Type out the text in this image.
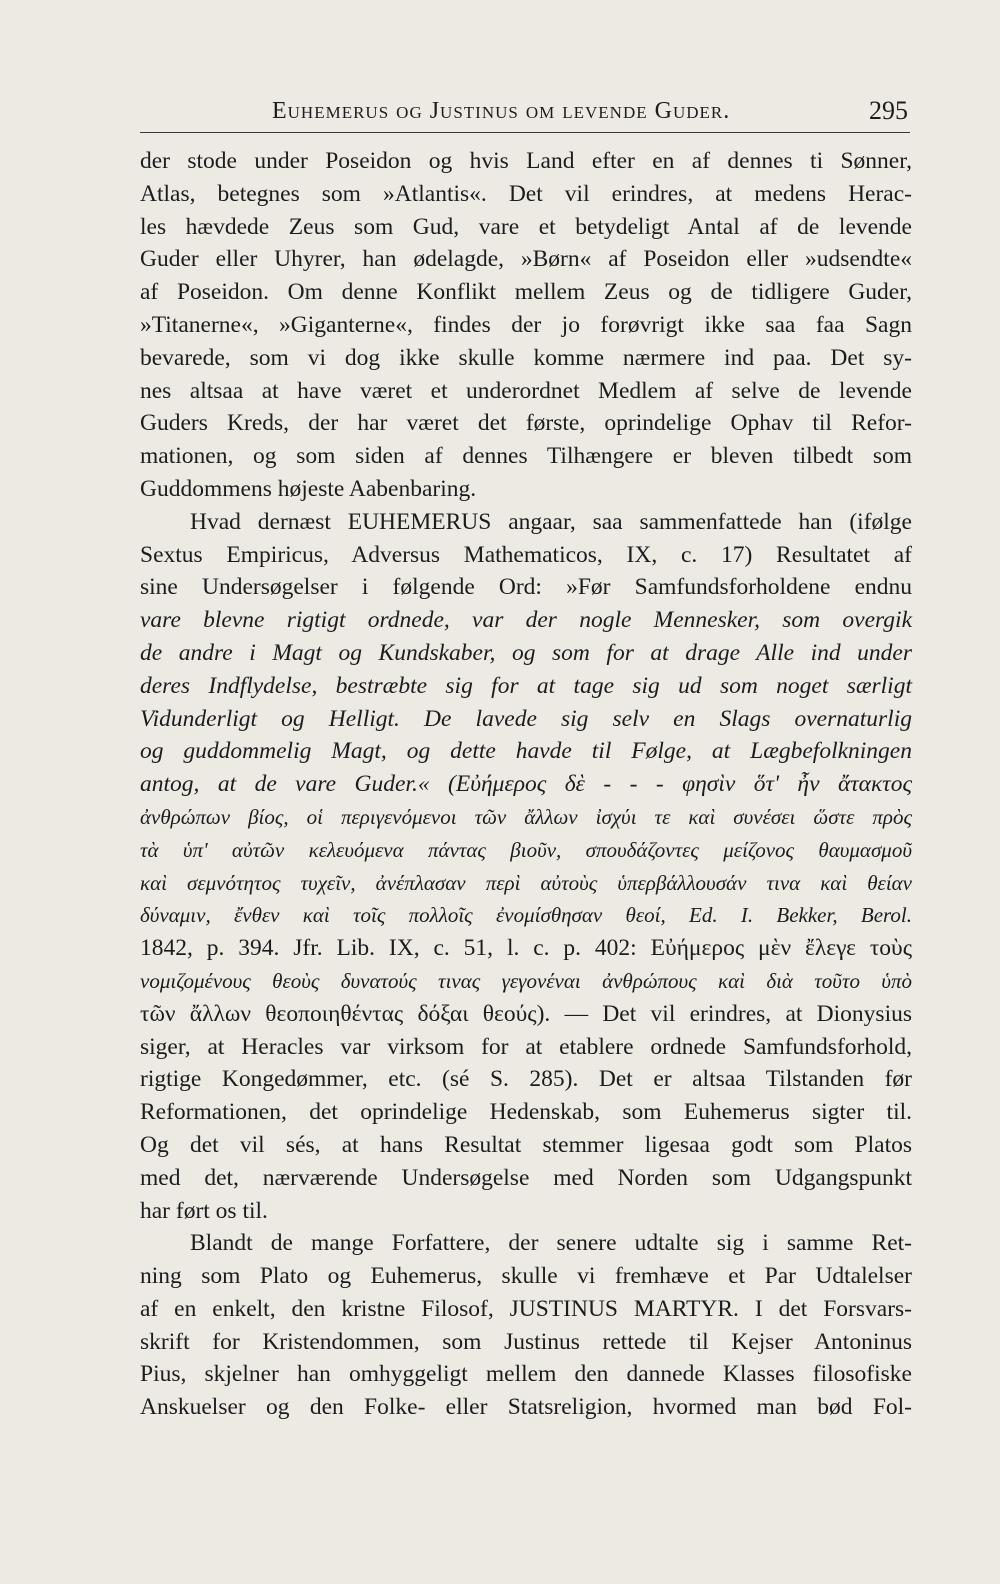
Euhemerus og Justinus om levende Guder.	295
der stode under Poseidon og hvis Land efter en af dennes ti Sønner,
Atlas, betegnes som »Atlantis«. Det vil erindres, at medens Herac-
les hævdede Zeus som Gud, vare et betydeligt Antal af de levende
Guder eller Uhyrer, han ødelagde, »Børn« af Poseidon eller »udsendte«
af Poseidon. Om denne Konflikt mellem Zeus og de tidligere Guder,
»Titanerne«, »Giganterne«, findes der jo forøvrigt ikke saa faa Sagn
bevarede, som vi dog ikke skulle komme nærmere ind paa. Det sy-
nes altsaa at have været et underordnet Medlem af selve de levende
Guders Kreds, der har været det første, oprindelige Ophav til Refor-
mationen, og som siden af dennes Tilhængere er bleven tilbedt som
Guddommens højeste Aabenbaring.
Hvad dernæst EUHEMERUS angaar, saa sammenfattede han (ifølge
Sextus Empiricus, Adversus Mathematicos, IX, c. 17) Resultatet af
sine Undersøgelser i følgende Ord: »Før Samfundsforholdene endnu
vare blevne rigtigt ordnede, var der nogle Mennesker, som overgik
de andre i Magt og Kundskaber, og som for at drage Alle ind under
deres Indflydelse, bestræbte sig for at tage sig ud som noget særligt
Vidunderligt og Helligt. De lavede sig selv en Slags overnaturlig
og guddommelig Magt, og dette havde til Følge, at Lægbefolkningen
antog, at de vare Guder.« (Εὐήμερος δὲ - - - φησὶν ὅτ' ἦν ἄτακτος
ἀνθρώπων βίος, οἱ περιγενόμενοι τῶν ἄλλων ἰσχύι τε καὶ συνέσει ὥστε πρὸς
τὰ ὑπ' αὐτῶν κελευόμενα πάντας βιοῦν, σπουδάζοντες μείζονος θαυμασμοῦ
καὶ σεμνότητος τυχεῖν, ἀνέπλασαν περὶ αὐτοὺς ὑπερβάλλουσάν τινα καὶ θείαν
δύναμιν, ἔνθεν καὶ τοῖς πολλοῖς ἐνομίσθησαν θεοί, Ed. I. Bekker, Berol.
1842, p. 394. Jfr. Lib. IX, c. 51, l. c. p. 402: Εὐήμερος μὲν ἔλεγε τοὺς
νομιζομένους θεοὺς δυνατούς τινας γεγονέναι ἀνθρώπους καὶ διὰ τοῦτο ὑπὸ
τῶν ἄλλων θεοποιηθέντας δόξαι θεούς). — Det vil erindres, at Dionysius
siger, at Heracles var virksom for at etablere ordnede Samfundsforhold,
rigtige Kongedømmer, etc. (sé S. 285). Det er altsaa Tilstanden før
Reformationen, det oprindelige Hedenskab, som Euhemerus sigter til.
Og det vil sés, at hans Resultat stemmer ligesaa godt som Platos
med det, nærværende Undersøgelse med Norden som Udgangspunkt
har ført os til.
Blandt de mange Forfattere, der senere udtalte sig i samme Ret-
ning som Plato og Euhemerus, skulle vi fremhæve et Par Udtalelser
af en enkelt, den kristne Filosof, JUSTINUS MARTYR. I det Forsvars-
skrift for Kristendommen, som Justinus rettede til Kejser Antoninus
Pius, skjelner han omhyggeligt mellem den dannede Klasses filosofiske
Anskuelser og den Folke- eller Statsreligion, hvormed man bød Fol-
